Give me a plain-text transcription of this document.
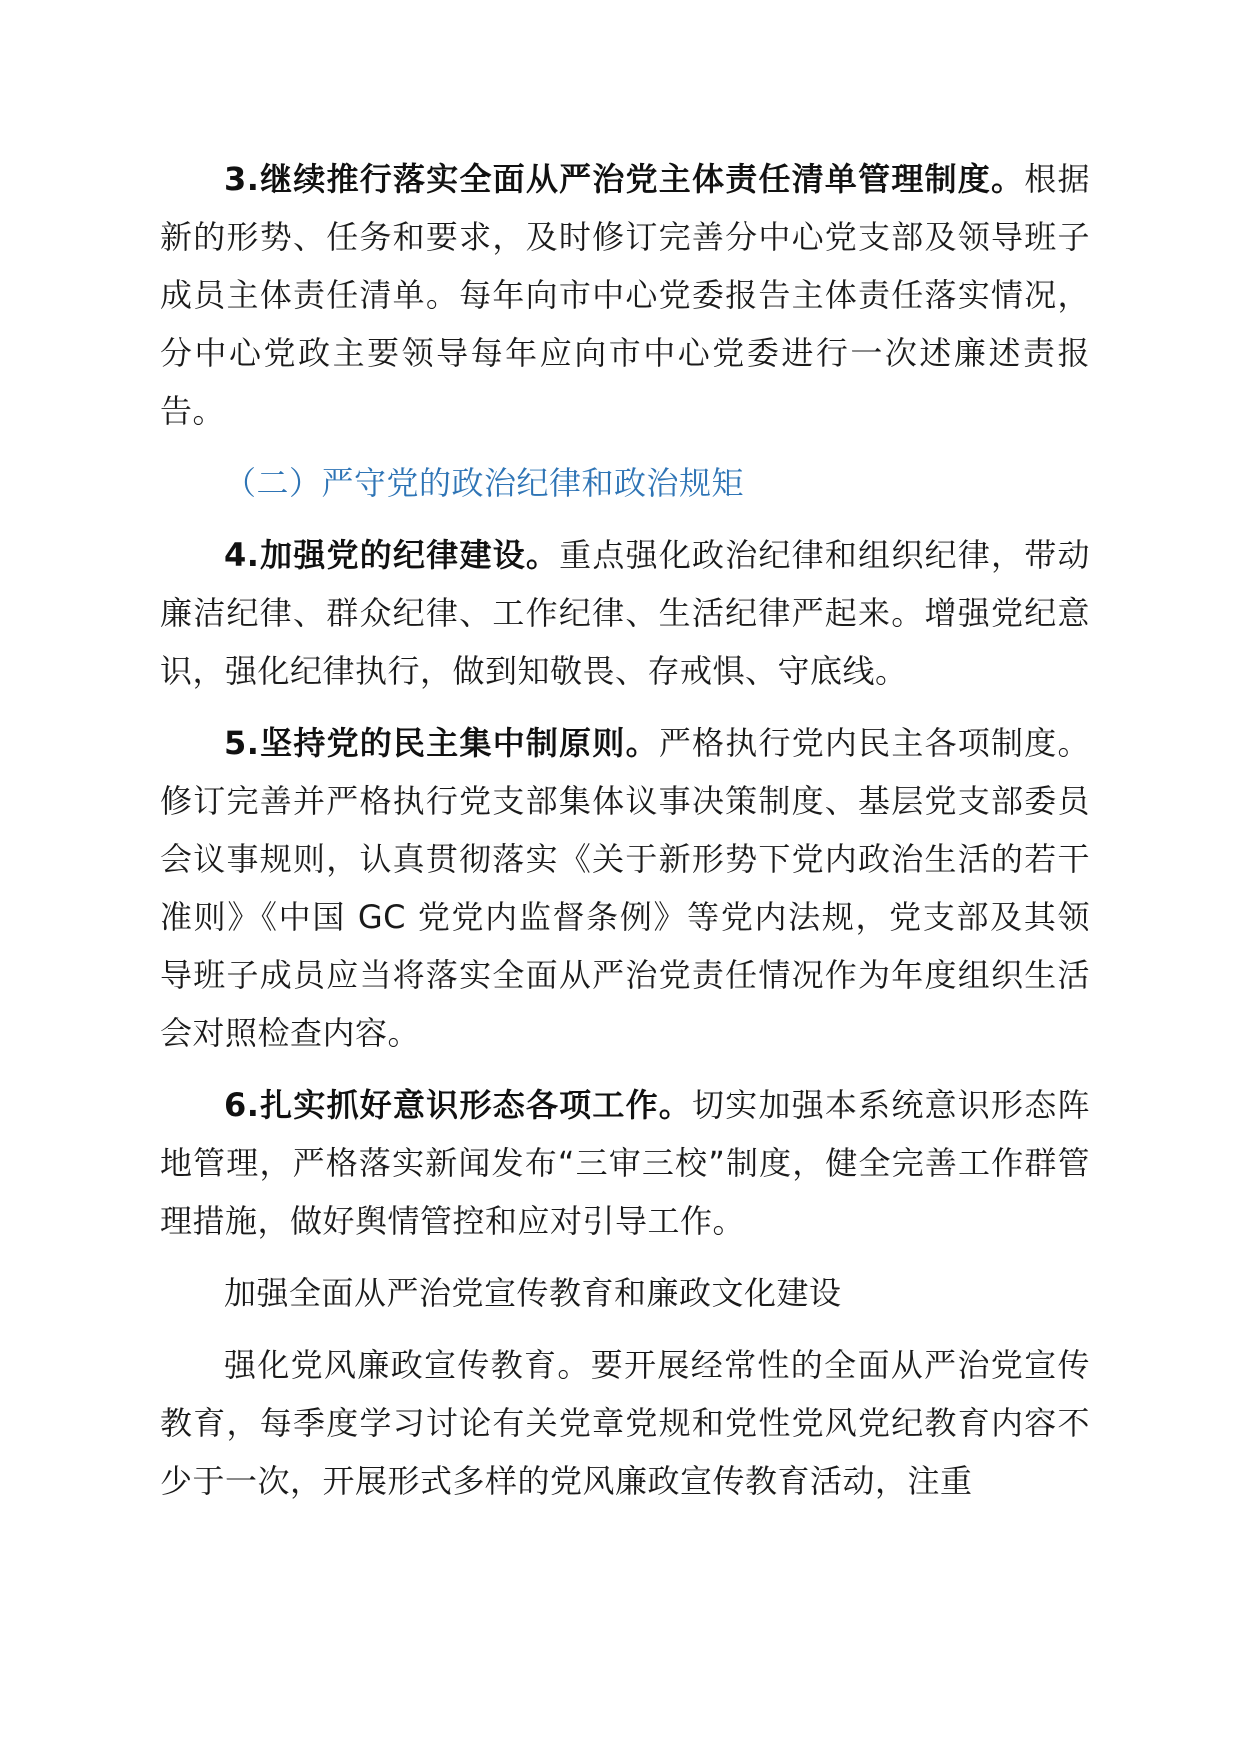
3.继续推行落实全面从严治党主体责任清单管理制度。根据新的形势、任务和要求，及时修订完善分中心党支部及领导班子成员主体责任清单。每年向市中心党委报告主体责任落实情况，分中心党政主要领导每年应向市中心党委进行一次述廉述责报告。

（二）严守党的政治纪律和政治规矩

4.加强党的纪律建设。重点强化政治纪律和组织纪律，带动廉洁纪律、群众纪律、工作纪律、生活纪律严起来。增强党纪意识，强化纪律执行，做到知敬畏、存戒惧、守底线。

5.坚持党的民主集中制原则。严格执行党内民主各项制度。修订完善并严格执行党支部集体议事决策制度、基层党支部委员会议事规则，认真贯彻落实《关于新形势下党内政治生活的若干准则》《中国 GC 党党内监督条例》等党内法规，党支部及其领导班子成员应当将落实全面从严治党责任情况作为年度组织生活会对照检查内容。

6.扎实抓好意识形态各项工作。切实加强本系统意识形态阵地管理，严格落实新闻发布“三审三校”制度，健全完善工作群管理措施，做好舆情管控和应对引导工作。

加强全面从严治党宣传教育和廉政文化建设

强化党风廉政宣传教育。要开展经常性的全面从严治党宣传教育，每季度学习讨论有关党章党规和党性党风党纪教育内容不少于一次，开展形式多样的党风廉政宣传教育活动，注重
